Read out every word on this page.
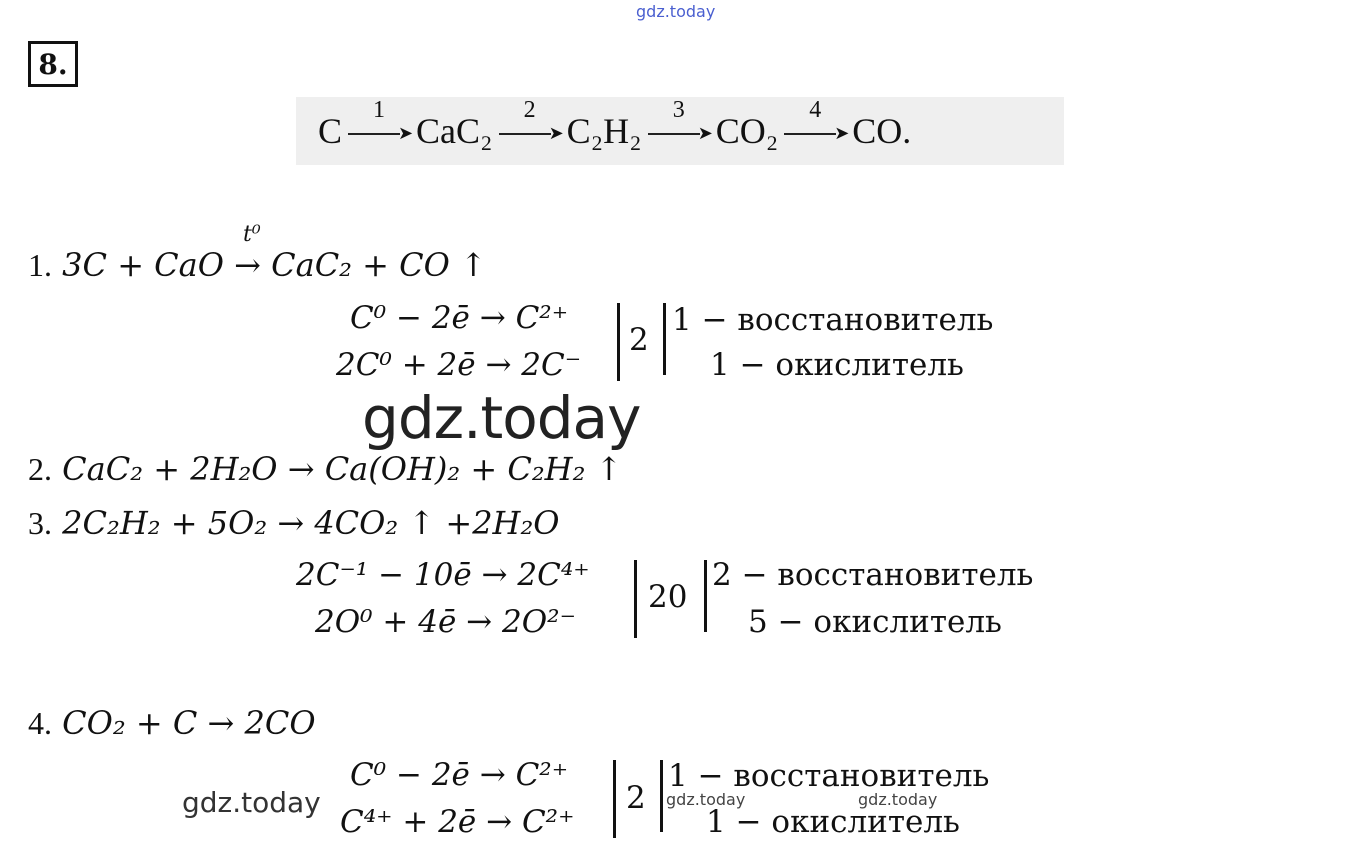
gdz.today
8.
C
1
➤ CaC₂
2
➤ C₂H₂
3
➤ CO₂
4
➤ CO.
1. 3C + CaO → CaC₂ + CO ↑
t⁰
C⁰ − 2ē → C²⁺
2C⁰ + 2ē → 2C⁻
2
1 − восстановитель
1 − окислитель
gdz.today
2. CaC₂ + 2H₂O → Ca(OH)₂ + C₂H₂ ↑
3. 2C₂H₂ + 5O₂ → 4CO₂ ↑ +2H₂O
2C⁻¹ − 10ē → 2C⁴⁺
2O⁰ + 4ē → 2O²⁻
20
2 − восстановитель
5 − окислитель
4. CO₂ + C → 2CO
C⁰ − 2ē → C²⁺
C⁴⁺ + 2ē → C²⁺
2
1 − восстановитель
1 − окислитель
gdz.today	gdz.today	gdz.today
